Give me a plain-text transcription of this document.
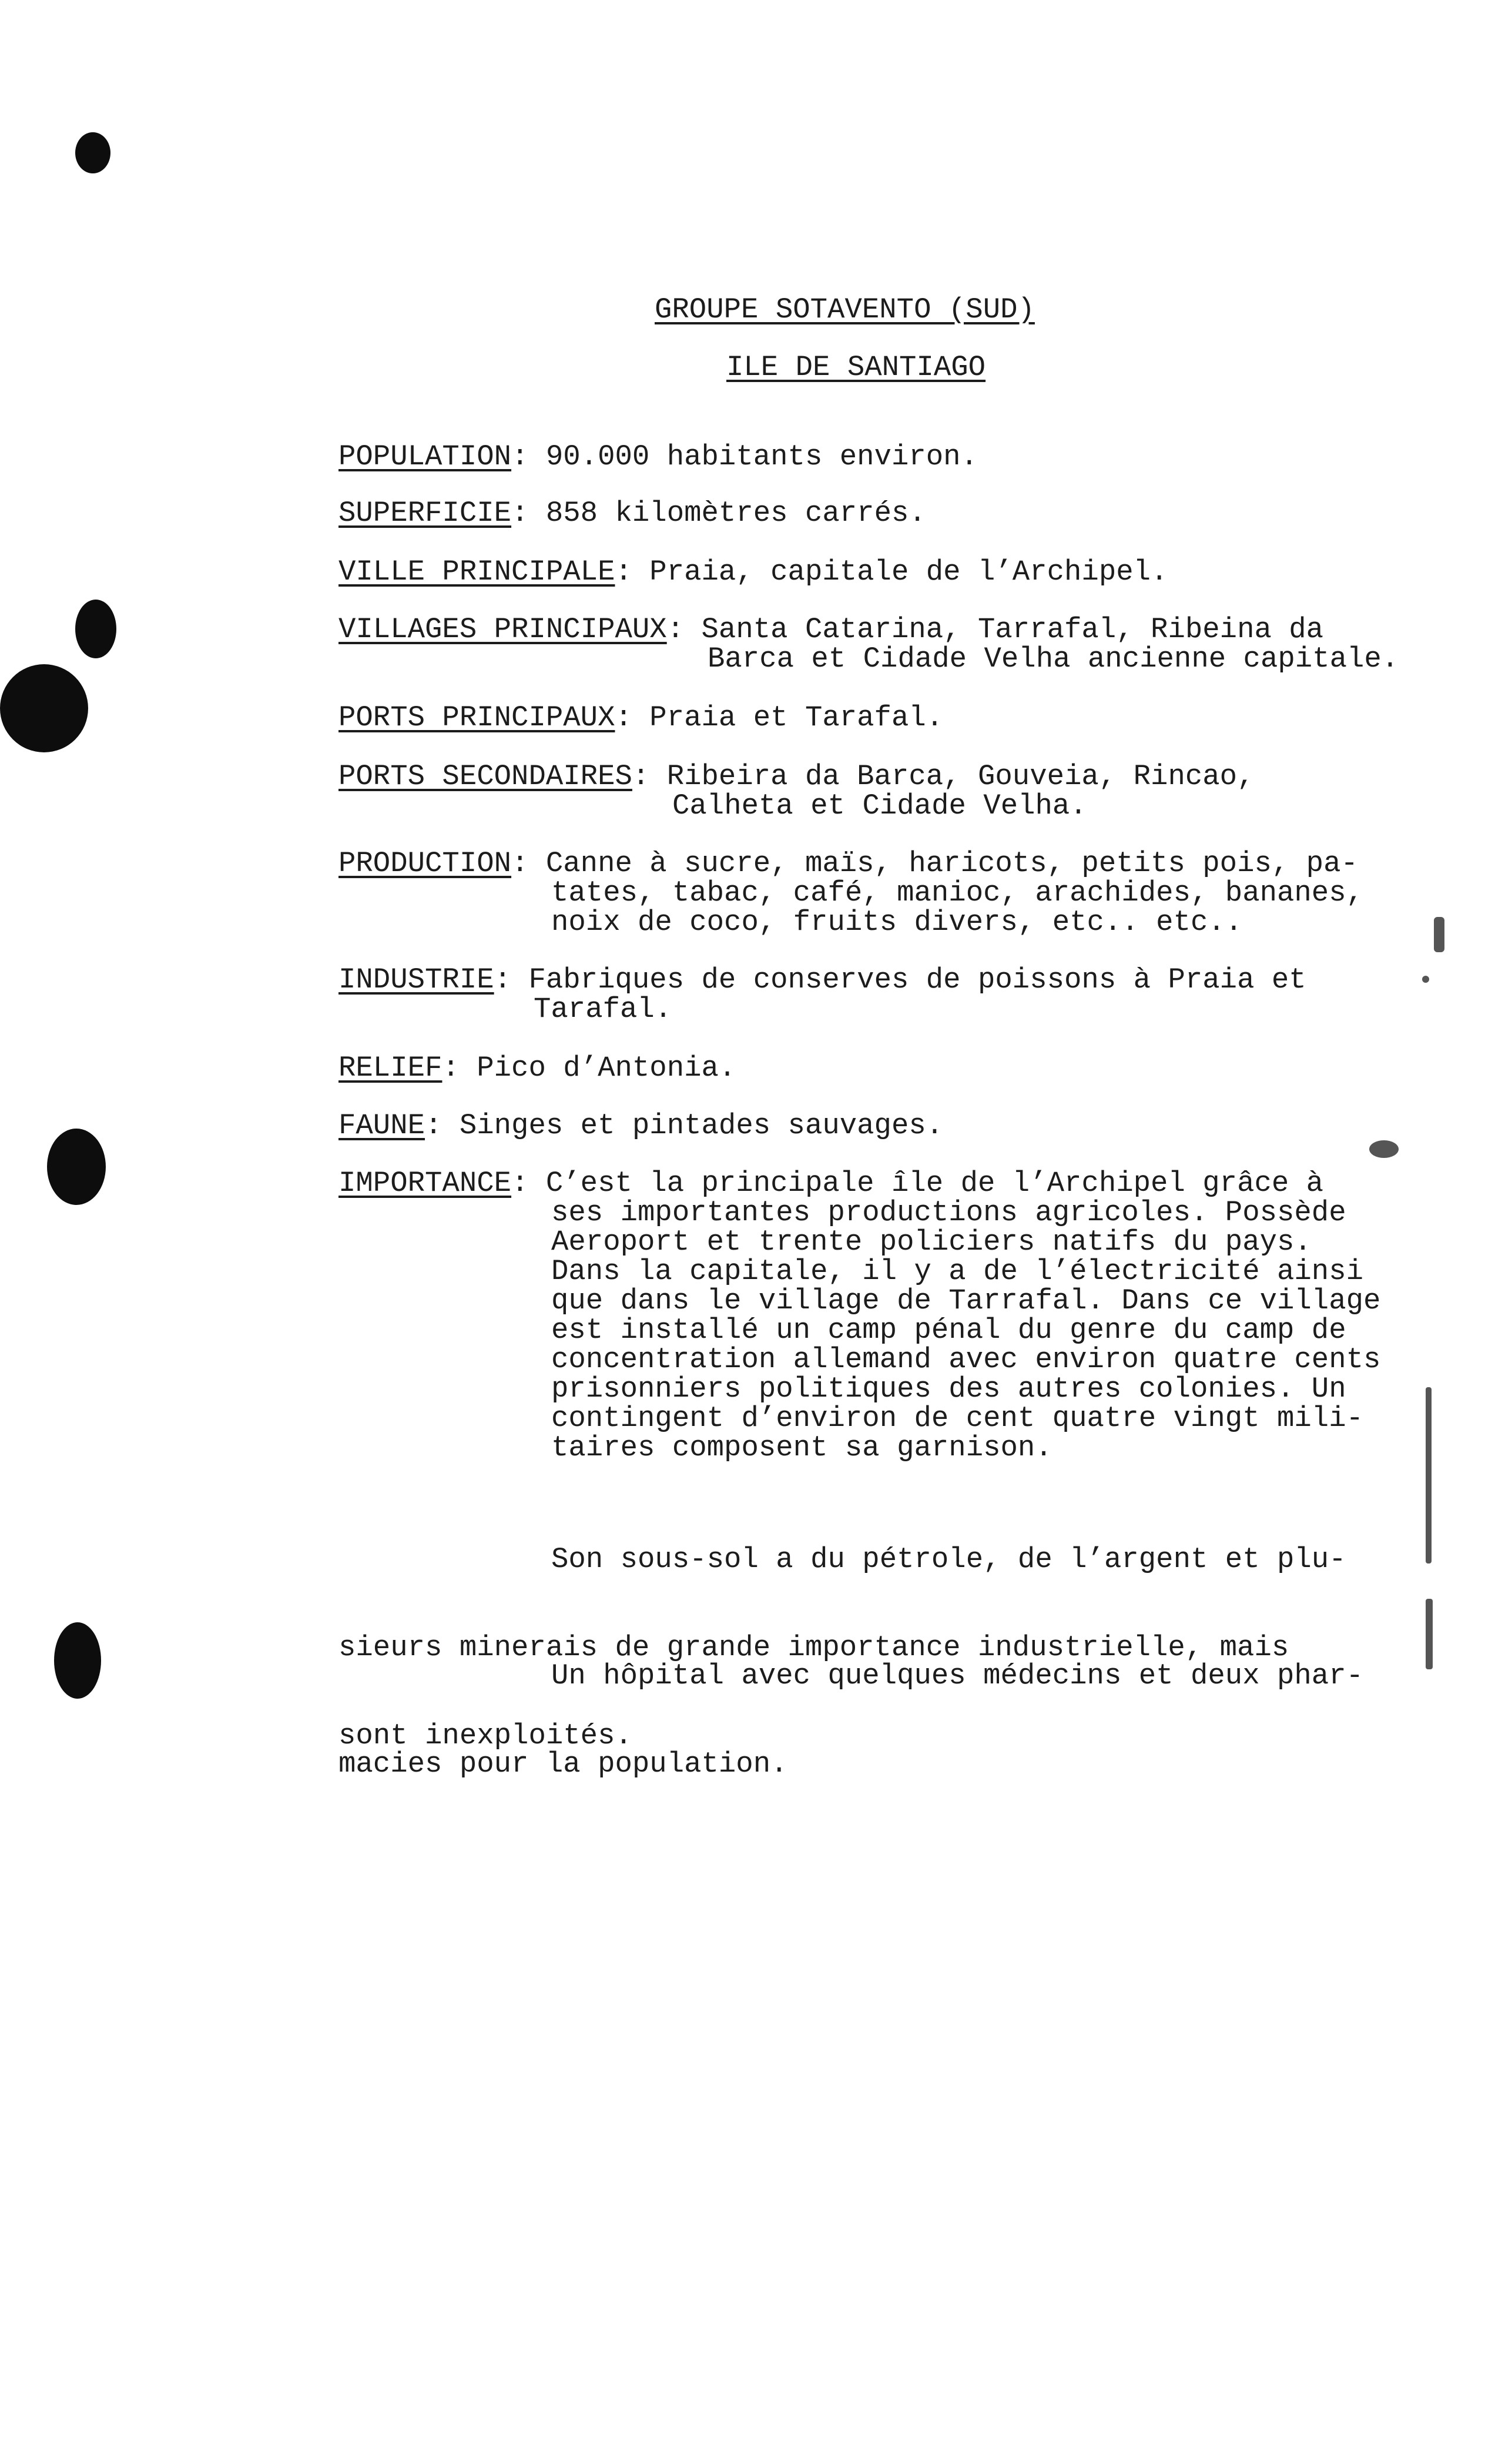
GROUPE SOTAVENTO (SUD)
ILE DE SANTIAGO
POPULATION: 90.000 habitants environ.
SUPERFICIE: 858 kilomètres carrés.
VILLE PRINCIPALE: Praia, capitale de l’Archipel.
VILLAGES PRINCIPAUX: Santa Catarina, Tarrafal, Ribeina da
Barca et Cidade Velha ancienne capitale.
PORTS PRINCIPAUX: Praia et Tarafal.
PORTS SECONDAIRES: Ribeira da Barca, Gouveia, Rincao,
Calheta et Cidade Velha.
PRODUCTION: Canne à sucre, maïs, haricots, petits pois, pa-
tates, tabac, café, manioc, arachides, bananes,
noix de coco, fruits divers, etc.. etc..
INDUSTRIE: Fabriques de conserves de poissons à Praia et
Tarafal.
RELIEF: Pico d’Antonia.
FAUNE: Singes et pintades sauvages.
IMPORTANCE: C’est la principale île de l’Archipel grâce à
ses importantes productions agricoles. Possède
Aeroport et trente policiers natifs du pays.
Dans la capitale, il y a de l’électricité ainsi
que dans le village de Tarrafal. Dans ce village
est installé un camp pénal du genre du camp de
concentration allemand avec environ quatre cents
prisonniers politiques des autres colonies. Un
contingent d’environ de cent quatre vingt mili-
taires composent sa garnison.

Son sous-sol a du pétrole, de l’argent et plu-

sieurs minerais de grande importance industrielle, mais

sont inexploités.

Un hôpital avec quelques médecins et deux phar-

macies pour la population.
